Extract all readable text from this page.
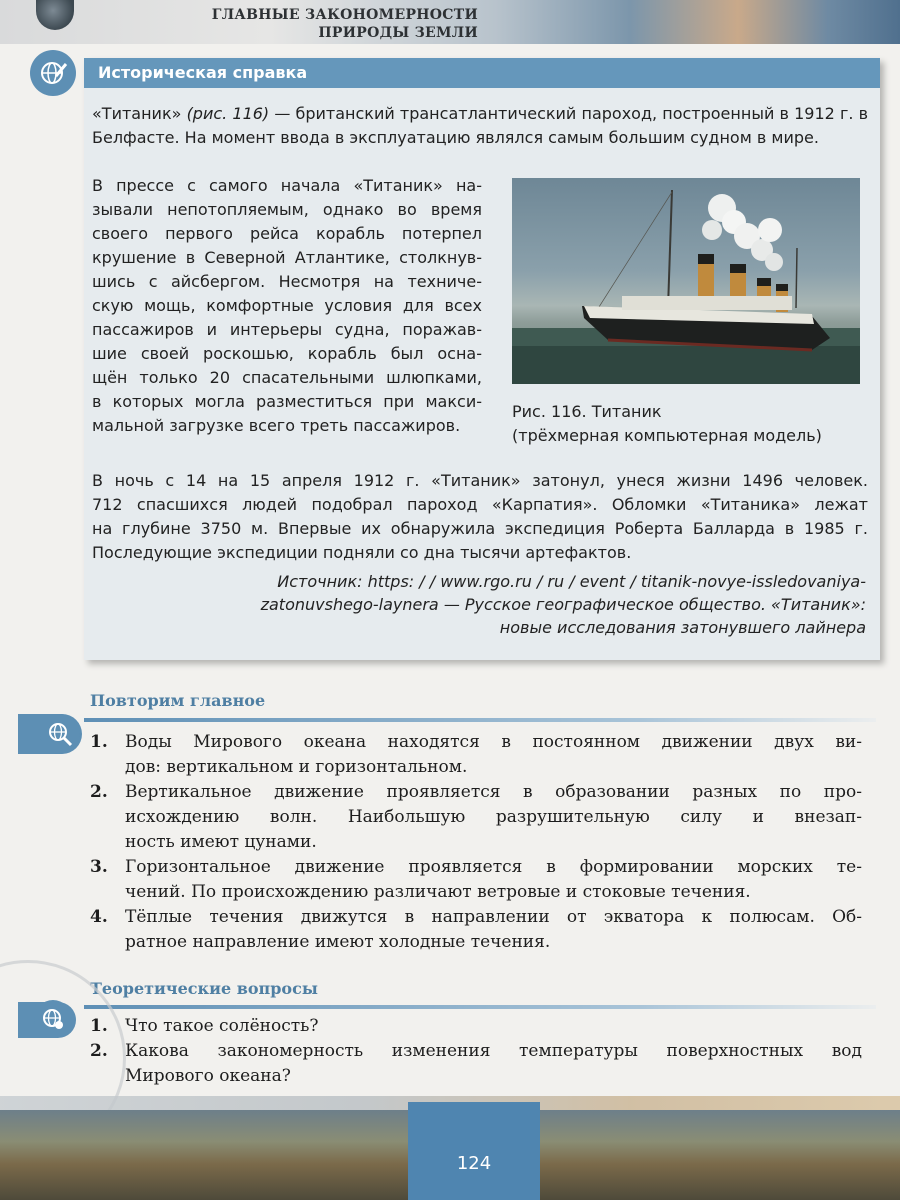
ГЛАВНЫЕ ЗАКОНОМЕРНОСТИ
ПРИРОДЫ ЗЕМЛИ
Историческая справка
«Титаник» (рис. 116) — британский трансатлантический пароход, построенный в 1912 г. в Белфасте. На момент ввода в эксплуатацию являлся самым большим судном в мире.
В прессе с самого начала «Титаник» на-
зывали непотопляемым, однако во время
своего первого рейса корабль потерпел
крушение в Северной Атлантике, столкнув-
шись с айсбергом. Несмотря на техниче-
скую мощь, комфортные условия для всех
пассажиров и интерьеры судна, поражав-
шие своей роскошью, корабль был осна-
щён только 20 спасательными шлюпками,
в которых могла разместиться при макси-
мальной загрузке всего треть пассажиров.
Рис. 116. Титаник
(трёхмерная компьютерная модель)
В ночь с 14 на 15 апреля 1912 г. «Титаник» затонул, унеся жизни 1496 человек.
712 спасшихся людей подобрал пароход «Карпатия». Обломки «Титаника» лежат
на глубине 3750 м. Впервые их обнаружила экспедиция Роберта Балларда в 1985 г.
Последующие экспедиции подняли со дна тысячи артефактов.
Источник: https: / / www.rgo.ru / ru / event / titanik-novye-issledovaniya-
zatonuvshego-laynera — Русское географическое общество. «Титаник»:
новые исследования затонувшего лайнера
Повторим главное
1. Воды Мирового океана находятся в постоянном движении двух ви-
дов: вертикальном и горизонтальном.
2. Вертикальное движение проявляется в образовании разных по про-
исхождению волн. Наибольшую разрушительную силу и внезап-
ность имеют цунами.
3. Горизонтальное движение проявляется в формировании морских те-
чений. По происхождению различают ветровые и стоковые течения.
4. Тёплые течения движутся в направлении от экватора к полюсам. Об-
ратное направление имеют холодные течения.
Теоретические вопросы
1. Что такое солёность?
2. Какова закономерность изменения температуры поверхностных вод
Мирового океана?
124
